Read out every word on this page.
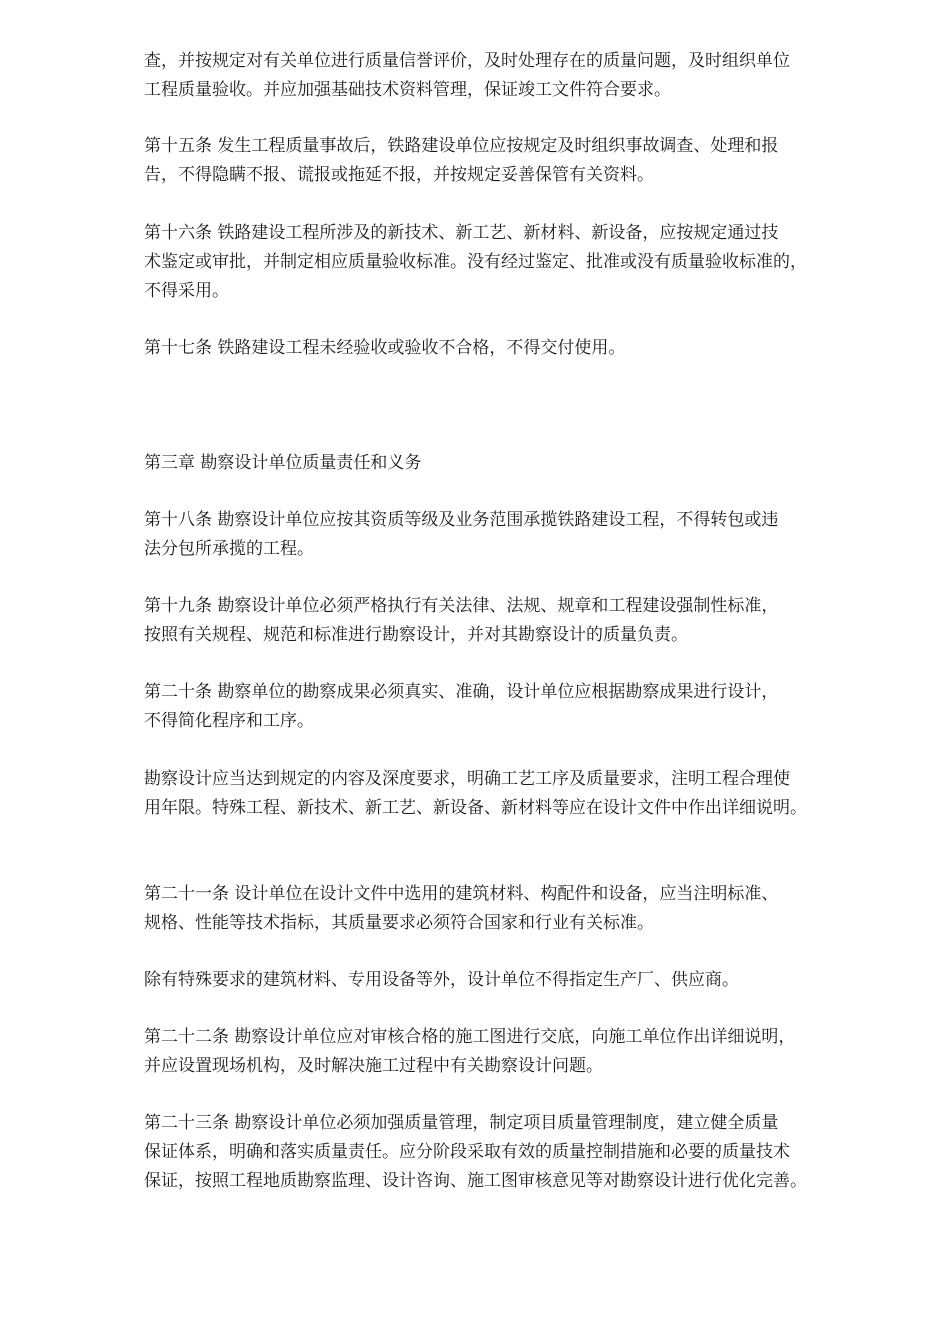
查，并按规定对有关单位进行质量信誉评价，及时处理存在的质量问题，及时组织单位
工程质量验收。并应加强基础技术资料管理，保证竣工文件符合要求。
第十五条 发生工程质量事故后，铁路建设单位应按规定及时组织事故调查、处理和报
告，不得隐瞒不报、谎报或拖延不报，并按规定妥善保管有关资料。
第十六条 铁路建设工程所涉及的新技术、新工艺、新材料、新设备，应按规定通过技
术鉴定或审批，并制定相应质量验收标准。没有经过鉴定、批准或没有质量验收标准的，
不得采用。
第十七条 铁路建设工程未经验收或验收不合格，不得交付使用。
第三章 勘察设计单位质量责任和义务
第十八条 勘察设计单位应按其资质等级及业务范围承揽铁路建设工程，不得转包或违
法分包所承揽的工程。
第十九条 勘察设计单位必须严格执行有关法律、法规、规章和工程建设强制性标准，
按照有关规程、规范和标准进行勘察设计，并对其勘察设计的质量负责。
第二十条 勘察单位的勘察成果必须真实、准确，设计单位应根据勘察成果进行设计，
不得简化程序和工序。
勘察设计应当达到规定的内容及深度要求，明确工艺工序及质量要求，注明工程合理使
用年限。特殊工程、新技术、新工艺、新设备、新材料等应在设计文件中作出详细说明。
第二十一条 设计单位在设计文件中选用的建筑材料、构配件和设备，应当注明标准、
规格、性能等技术指标，其质量要求必须符合国家和行业有关标准。
除有特殊要求的建筑材料、专用设备等外，设计单位不得指定生产厂、供应商。
第二十二条 勘察设计单位应对审核合格的施工图进行交底，向施工单位作出详细说明，
并应设置现场机构，及时解决施工过程中有关勘察设计问题。
第二十三条 勘察设计单位必须加强质量管理，制定项目质量管理制度，建立健全质量
保证体系，明确和落实质量责任。应分阶段采取有效的质量控制措施和必要的质量技术
保证，按照工程地质勘察监理、设计咨询、施工图审核意见等对勘察设计进行优化完善。
